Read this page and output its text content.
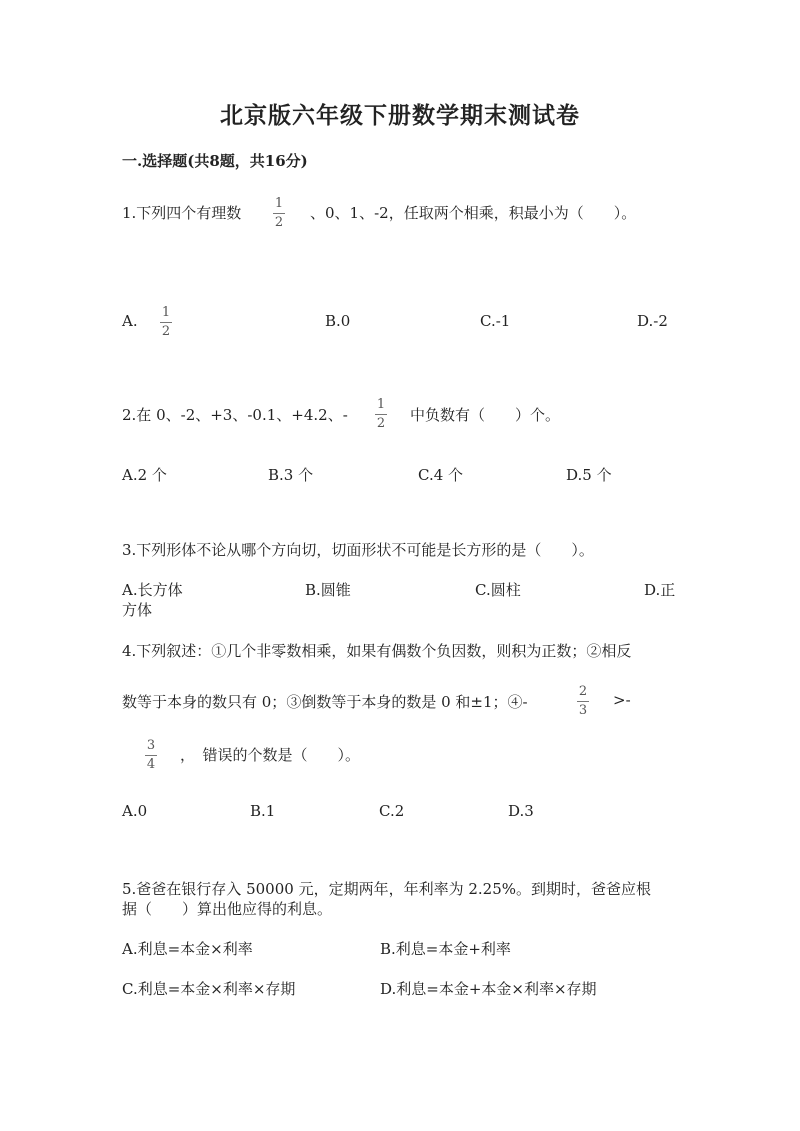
北京版六年级下册数学期末测试卷
一.选择题(共8题，共16分)
1.下列四个有理数
1
2
、0、1、-2，任取两个相乘，积最小为（　　）。
A. 1
2
B.0	C.-1	D.-2
2.在 0、-2、+3、-0.1、+4.2、-
1
2 中负数有（　　）个。
A.2 个	B.3 个	C.4 个	D.5 个
3.下列形体不论从哪个方向切，切面形状不可能是长方形的是（　　）。
A.长方体	B.圆锥	C.圆柱	D.正
方体
4.下列叙述：①几个非零数相乘，如果有偶数个负因数，则积为正数；②相反
数等于本身的数只有 0；③倒数等于本身的数是 0 和±1；④-
2
3
>-
3
4
，　错误的个数是（　　）。
A.0	B.1	C.2	D.3
5.爸爸在银行存入 50000 元，定期两年，年利率为 2.25%。到期时，爸爸应根
据（　　）算出他应得的利息。
A.利息=本金×利率	B.利息=本金+利率
C.利息=本金×利率×存期	D.利息=本金+本金×利率×存期
